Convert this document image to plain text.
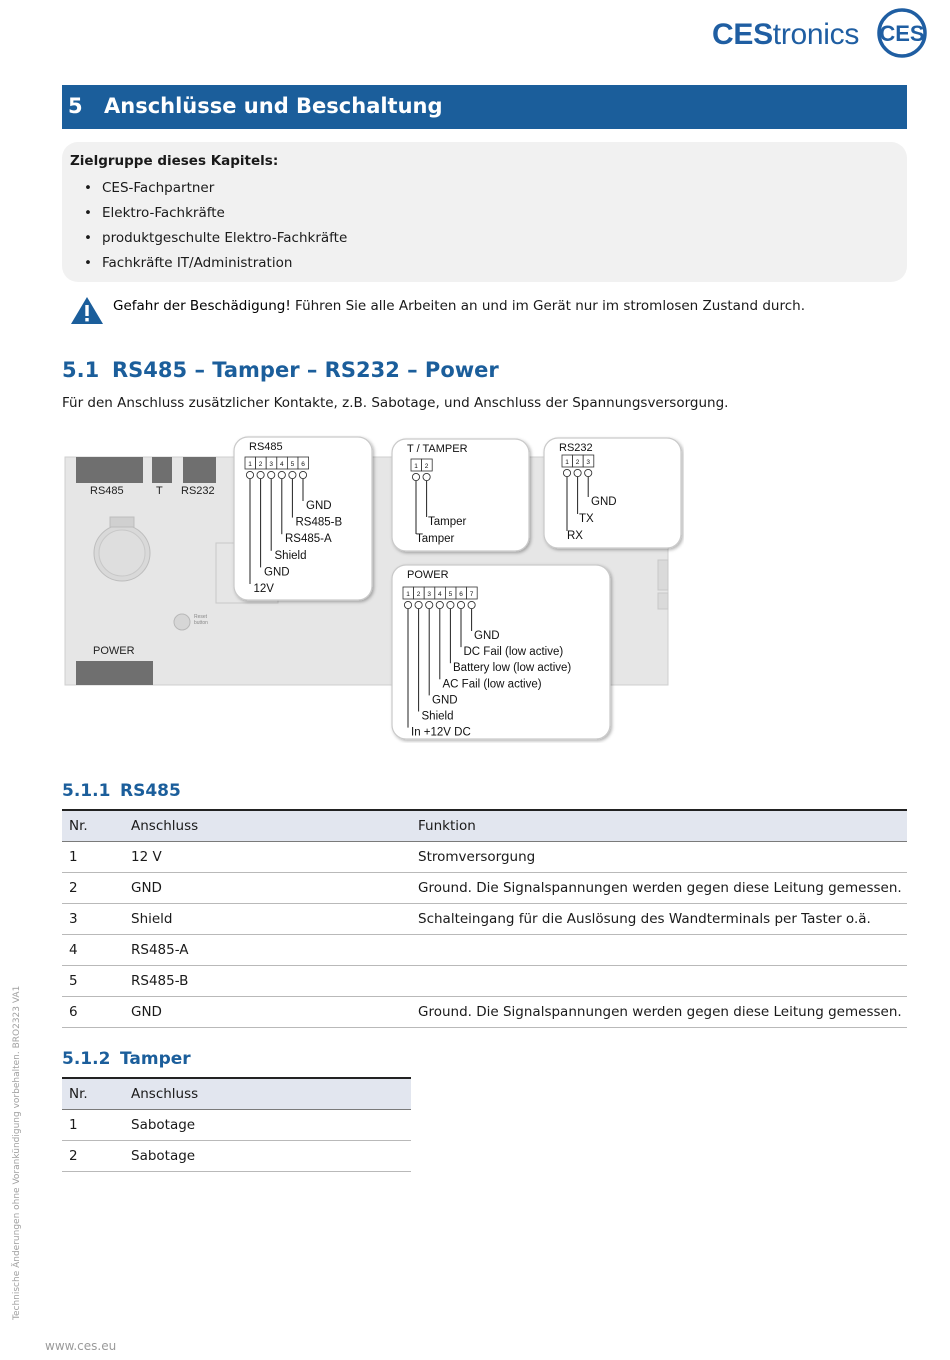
CEStronics CES
5 Anschlüsse und Beschaltung
Zielgruppe dieses Kapitels:
• CES-Fachpartner
• Elektro-Fachkräfte
• produktgeschulte Elektro-Fachkräfte
• Fachkräfte IT/Administration
Gefahr der Beschädigung! Führen Sie alle Arbeiten an und im Gerät nur im stromlosen Zustand durch.
5.1 RS485 – Tamper – RS232 – Power
Für den Anschluss zusätzlicher Kontakte, z.B. Sabotage, und Anschluss der Spannungsversorgung.
RS485	T RS232
Reset
button
POWER
RS485
1 2 3 4 5 6
GND
RS485-B
RS485-A
Shield
GND
12V
T / TAMPER
1 2
Tamper
Tamper
RS232
1 2 3
GND
TX
RX
POWER
1 2 3 4 5 6 7
GND
DC Fail (low active)
Battery low (low active)
AC Fail (low active)
GND
Shield
In +12V DC
5.1.1 RS485
Nr.	Anschluss	Funktion
1	12 V	Stromversorgung
2	GND	Ground. Die Signalspannungen werden gegen diese Leitung gemessen.
3	Shield	Schalteingang für die Auslösung des Wandterminals per Taster o.ä.
4	RS485-A	
5	RS485-B	
6	GND	Ground. Die Signalspannungen werden gegen diese Leitung gemessen.
5.1.2 Tamper
Nr.	Anschluss
1	Sabotage
2	Sabotage
Technische Änderungen ohne Vorankündigung vorbehalten. BRO2323 VA1
www.ces.eu
